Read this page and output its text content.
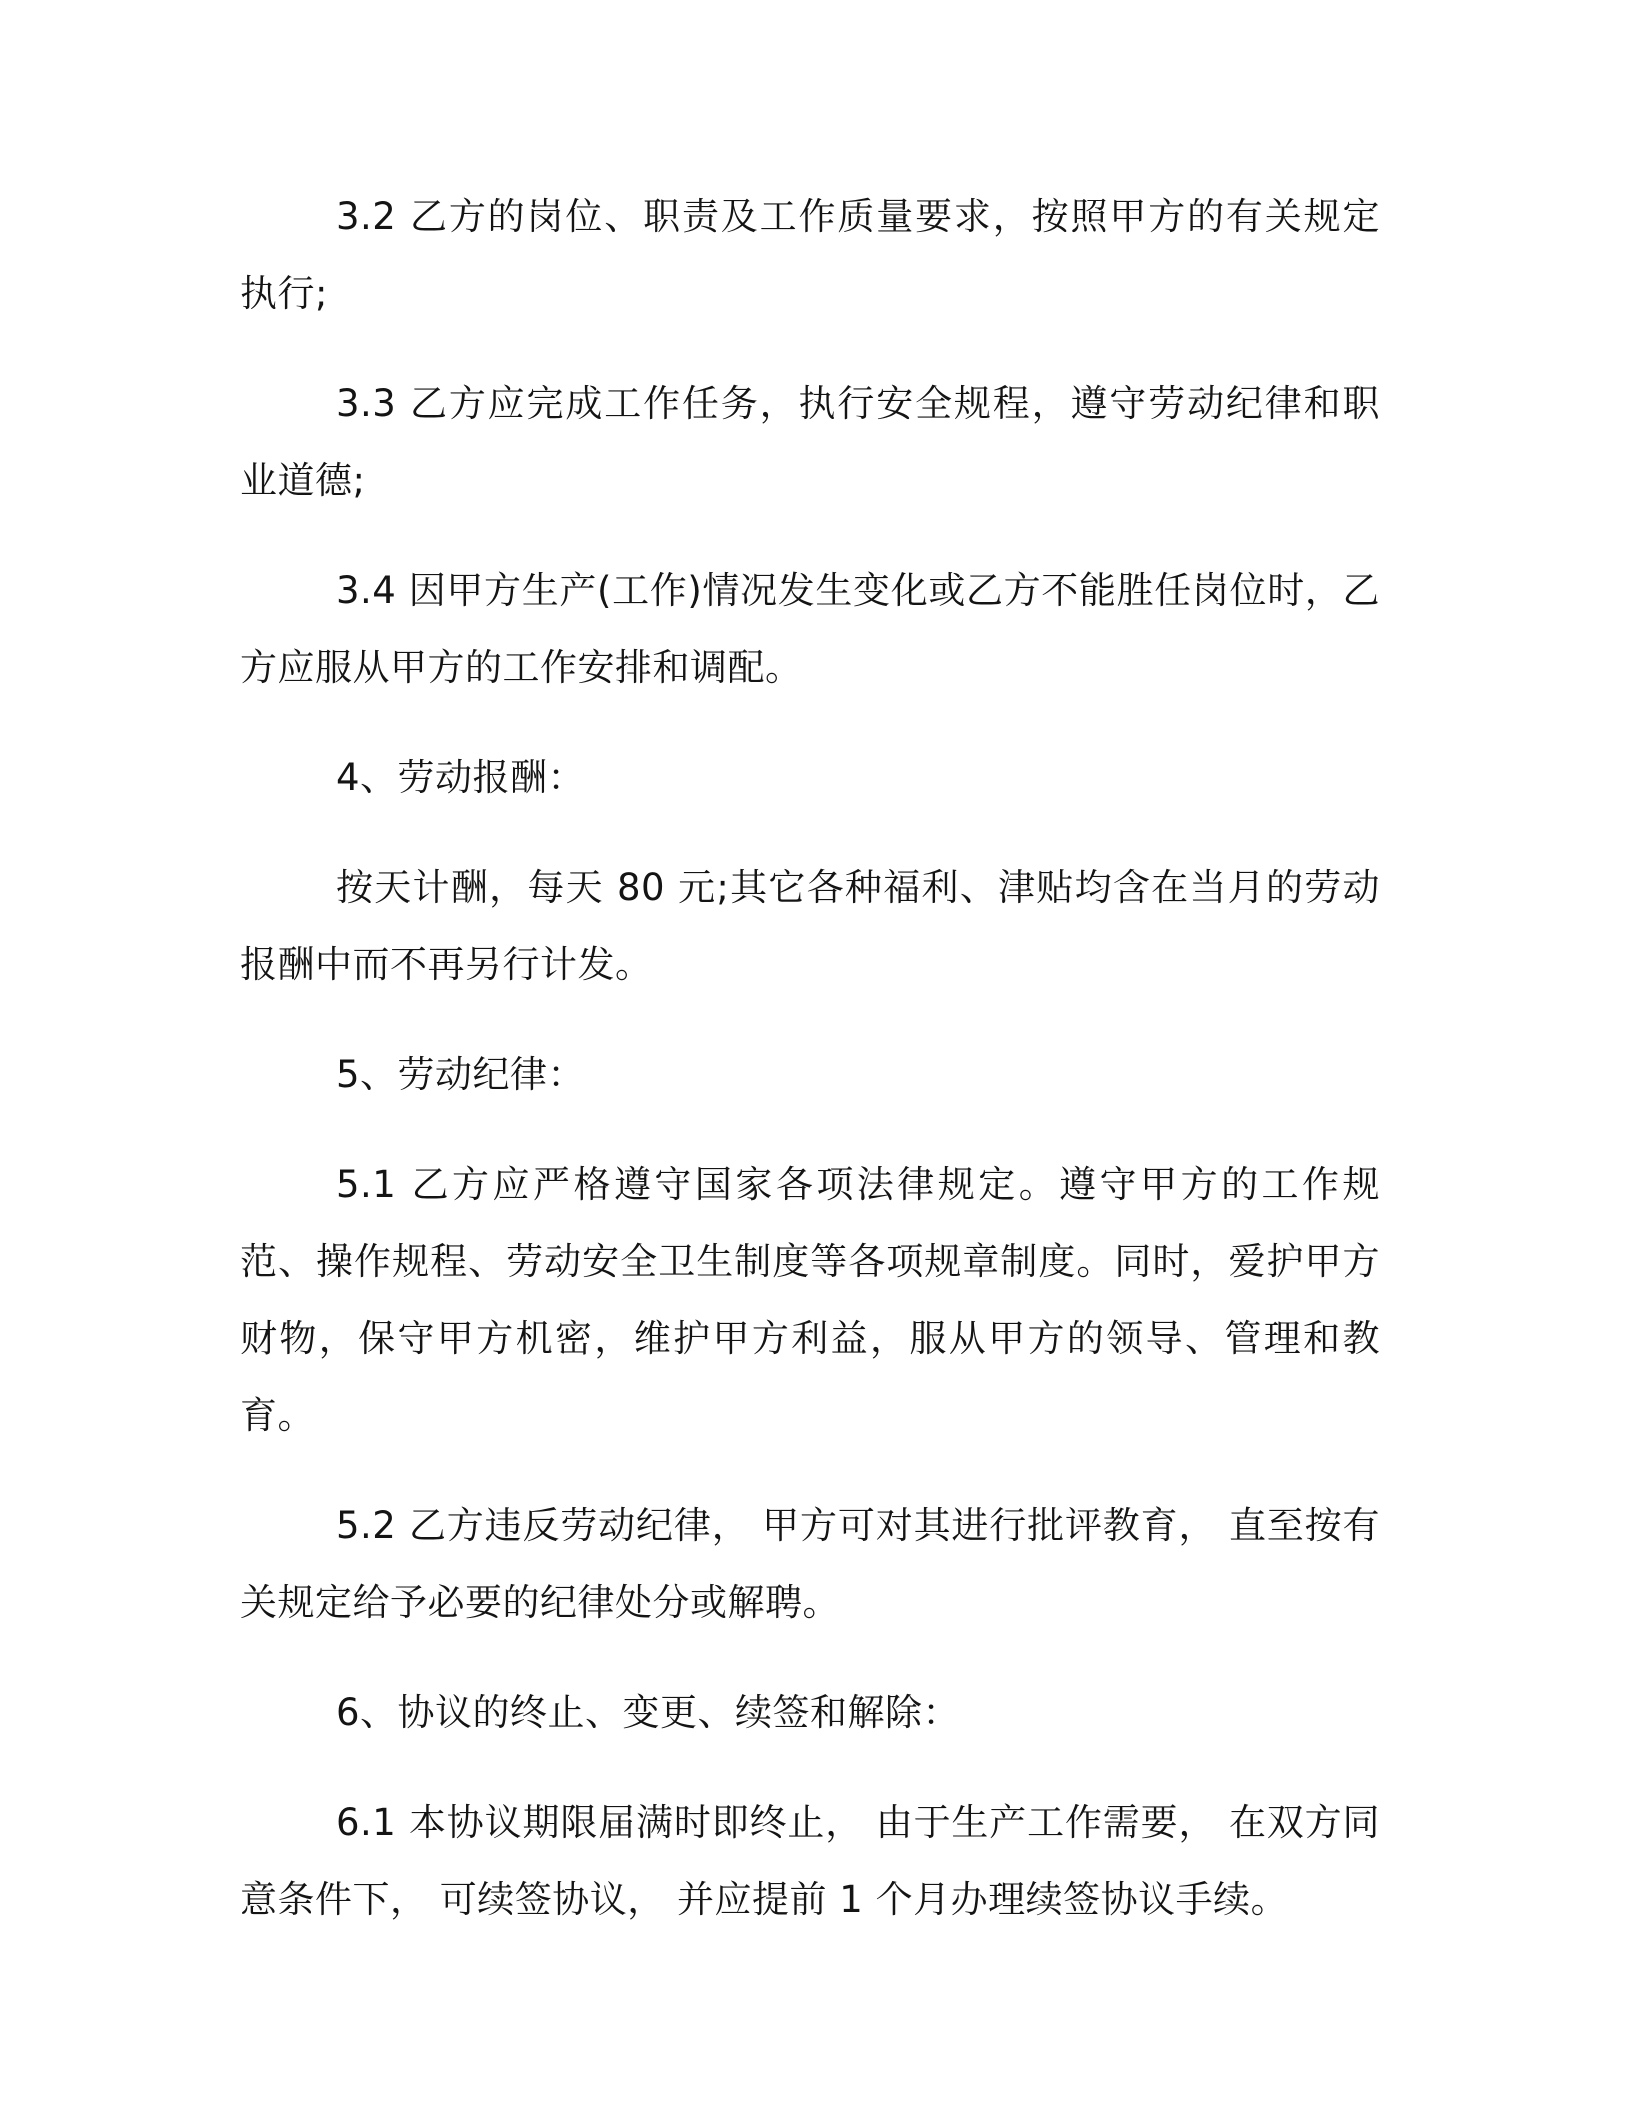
3.2 乙方的岗位、职责及工作质量要求，按照甲方的有关规定执行;

3.3 乙方应完成工作任务，执行安全规程，遵守劳动纪律和职业道德;

3.4 因甲方生产(工作)情况发生变化或乙方不能胜任岗位时，乙方应服从甲方的工作安排和调配。

4、劳动报酬：

按天计酬，每天 80 元;其它各种福利、津贴均含在当月的劳动报酬中而不再另行计发。

5、劳动纪律：

5.1 乙方应严格遵守国家各项法律规定。遵守甲方的工作规范、操作规程、劳动安全卫生制度等各项规章制度。同时，爱护甲方财物，保守甲方机密，维护甲方利益，服从甲方的领导、管理和教育。

5.2 乙方违反劳动纪律， 甲方可对其进行批评教育， 直至按有关规定给予必要的纪律处分或解聘。

6、协议的终止、变更、续签和解除：

6.1 本协议期限届满时即终止， 由于生产工作需要， 在双方同意条件下， 可续签协议， 并应提前 1 个月办理续签协议手续。
